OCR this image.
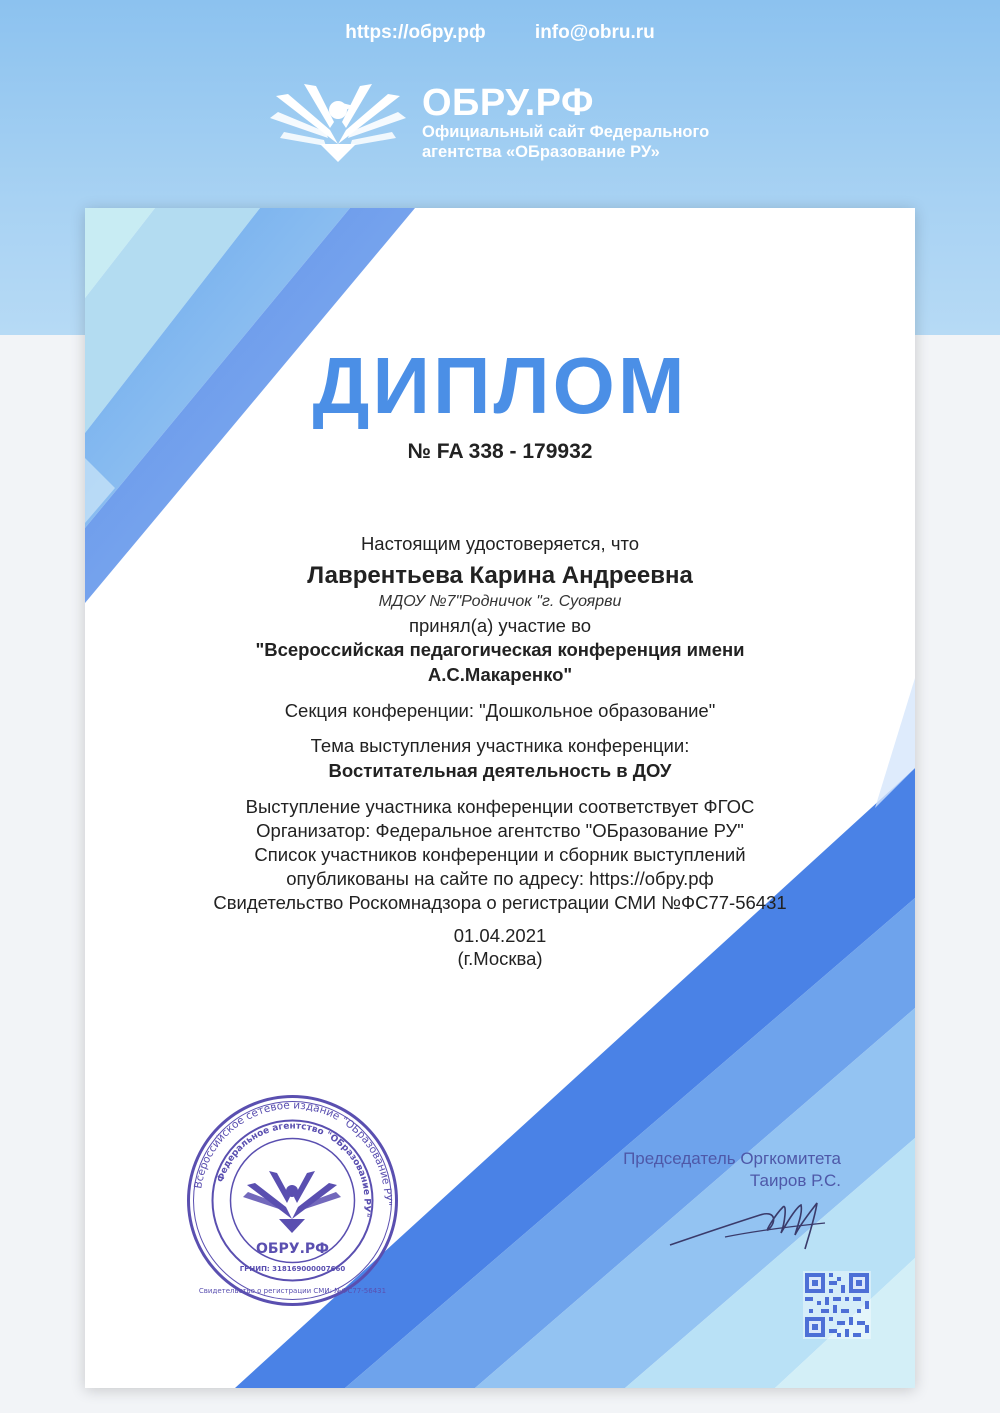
https://обру.рф	info@obru.ru
ОБРУ.РФ
Официальный сайт Федерального агентства «ОБразование РУ»
ДИПЛОМ
№ FA 338 - 179932
Настоящим удостоверяется, что
Лаврентьева Карина Андреевна
МДОУ №7"Родничок "г. Суоярви
принял(а) участие во
"Всероссийская педагогическая конференция имени
А.С.Макаренко"
Секция конференции: "Дошкольное образование"
Тема выступления участника конференции:
Воститательная деятельность в ДОУ
Выступление участника конференции соответствует ФГОС
Организатор: Федеральное агентство "ОБразование РУ"
Список участников конференции и сборник выступлений
опубликованы на сайте по адресу: https://обру.рф
Свидетельство Роскомнадзора о регистрации СМИ №ФС77-56431
01.04.2021
(г.Москва)
Всероссийское сетевое издание "ОБразование РУ"
Федеральное агентство "ОБразование РУ"
ОБРУ.РФ
ГРНИП: 318169000007660
Свидетельство о регистрации СМИ: №ФС77-56431
Председатель Оргкомитета
Таиров Р.С.
